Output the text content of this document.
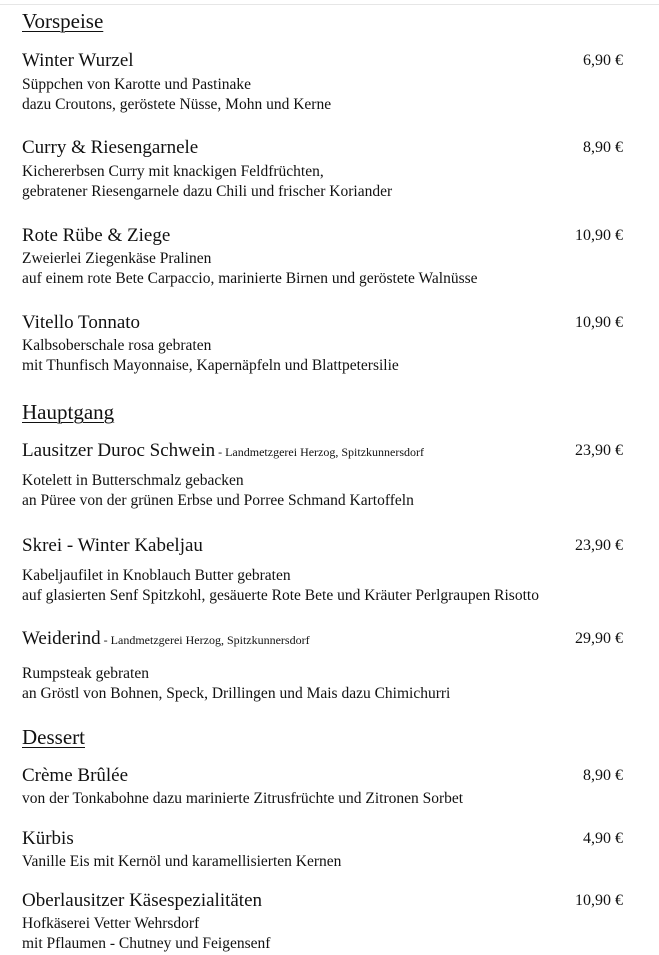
Vorspeise
Winter Wurzel	6,90 €
Süppchen von Karotte und Pastinake
dazu Croutons, geröstete Nüsse, Mohn und Kerne
Curry & Riesengarnele	8,90 €
Kichererbsen Curry mit knackigen Feldfrüchten,
gebratener Riesengarnele dazu Chili und frischer Koriander
Rote Rübe & Ziege	10,90 €
Zweierlei Ziegenkäse Pralinen
auf einem rote Bete Carpaccio, marinierte Birnen und geröstete Walnüsse
Vitello Tonnato	10,90 €
Kalbsoberschale rosa gebraten
mit Thunfisch Mayonnaise, Kapernäpfeln und Blattpetersilie
Hauptgang
Lausitzer Duroc Schwein - Landmetzgerei Herzog, Spitzkunnersdorf	23,90 €
Kotelett in Butterschmalz gebacken
an Püree von der grünen Erbse und Porree Schmand Kartoffeln
Skrei - Winter Kabeljau	23,90 €
Kabeljaufilet in Knoblauch Butter gebraten
auf glasierten Senf Spitzkohl, gesäuerte Rote Bete und Kräuter Perlgraupen Risotto
Weiderind - Landmetzgerei Herzog, Spitzkunnersdorf	29,90 €
Rumpsteak gebraten
an Gröstl von Bohnen, Speck, Drillingen und Mais dazu Chimichurri
Dessert
Crème Brûlée	8,90 €
von der Tonkabohne dazu marinierte Zitrusfrüchte und Zitronen Sorbet
Kürbis	4,90 €
Vanille Eis mit Kernöl und karamellisierten Kernen
Oberlausitzer Käsespezialitäten	10,90 €
Hofkäserei Vetter Wehrsdorf
mit Pflaumen - Chutney und Feigensenf
